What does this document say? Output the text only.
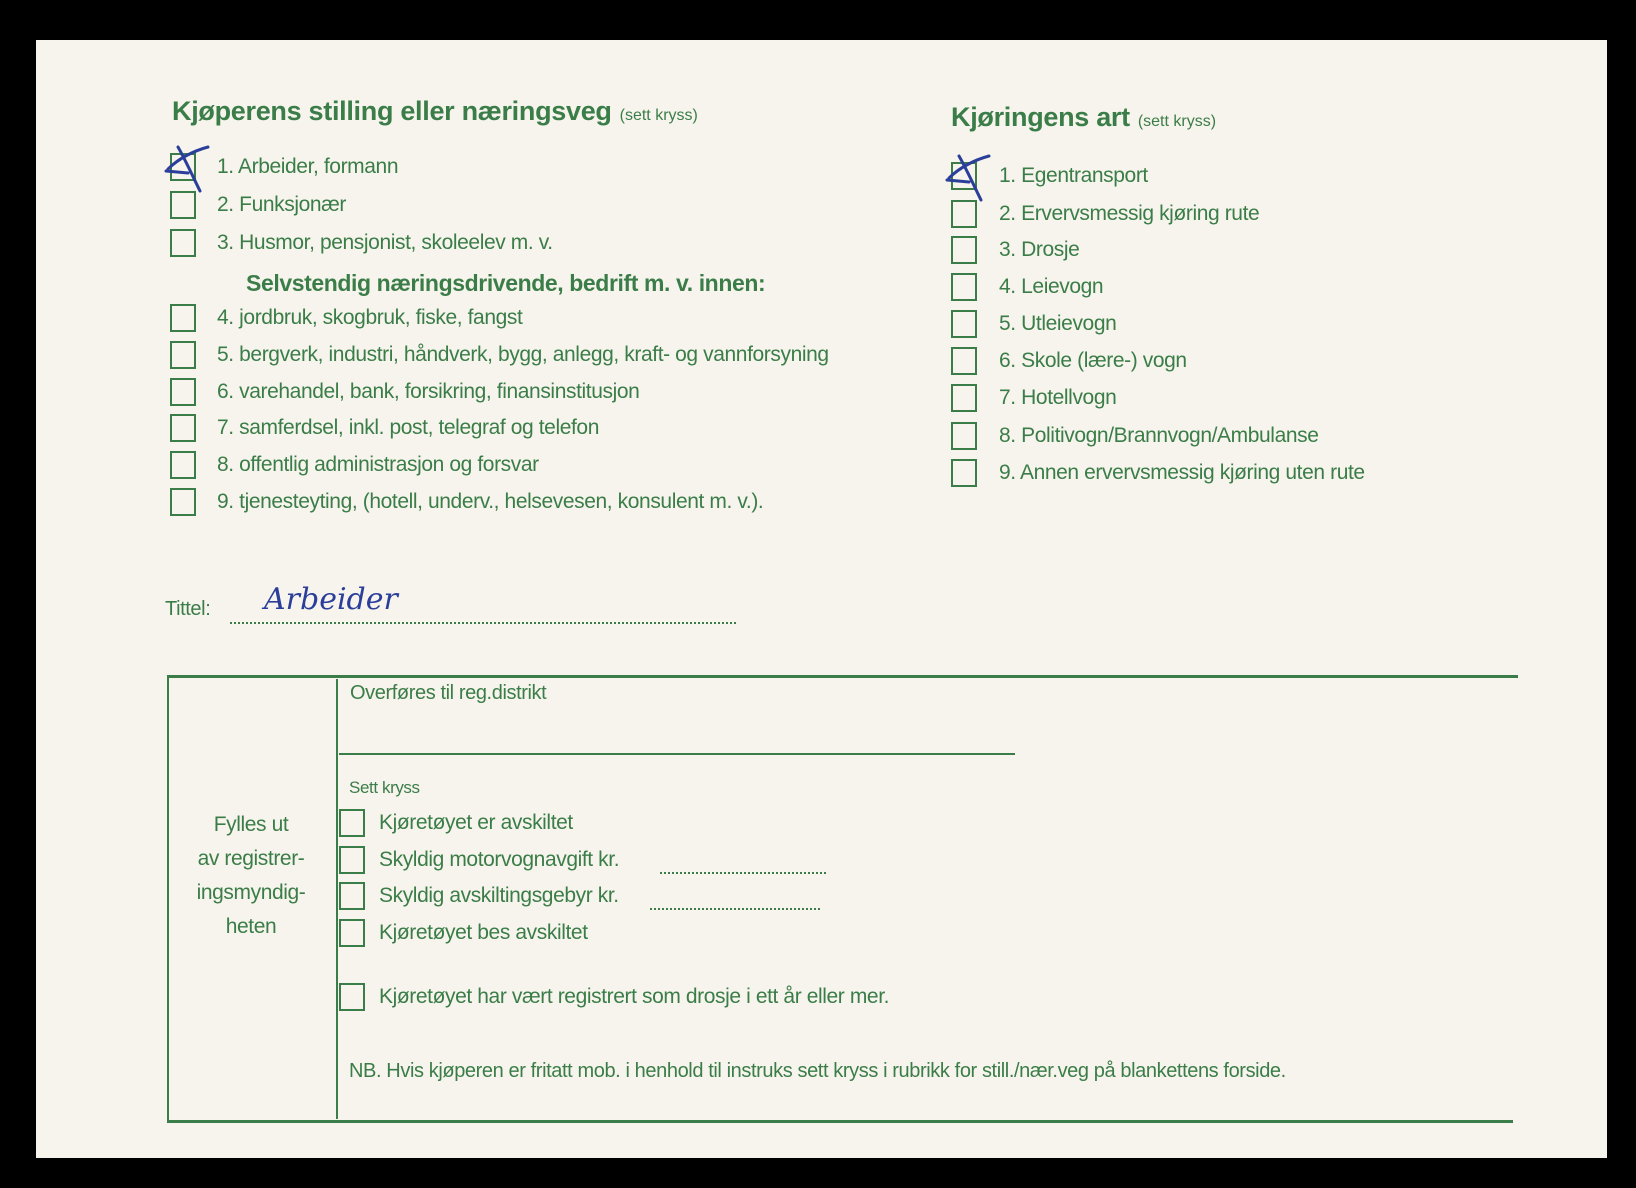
Kjøperens stilling eller næringsveg (sett kryss)
1. Arbeider, formann
2. Funksjonær
3. Husmor, pensjonist, skoleelev m. v.
4. jordbruk, skogbruk, fiske, fangst
5. bergverk, industri, håndverk, bygg, anlegg, kraft- og vannforsyning
6. varehandel, bank, forsikring, finansinstitusjon
7. samferdsel, inkl. post, telegraf og telefon
8. offentlig administrasjon og forsvar
9. tjenesteyting, (hotell, underv., helsevesen, konsulent m. v.).
Selvstendig næringsdrivende, bedrift m. v. innen:
Kjøringens art (sett kryss)
1. Egentransport
2. Ervervsmessig kjøring rute
3. Drosje
4. Leievogn
5. Utleievogn
6. Skole (lære-) vogn
7. Hotellvogn
8. Politivogn/Brannvogn/Ambulanse
9. Annen ervervsmessig kjøring uten rute
Tittel: Arbeider
Fylles ut
av registrer-
ingsmyndig-
heten
Overføres til reg.distrikt
Sett kryss
Kjøretøyet er avskiltet
Skyldig motorvognavgift kr.
Skyldig avskiltingsgebyr kr.
Kjøretøyet bes avskiltet
Kjøretøyet har vært registrert som drosje i ett år eller mer.
NB. Hvis kjøperen er fritatt mob. i henhold til instruks sett kryss i rubrikk for still./nær.veg på blankettens forside.
